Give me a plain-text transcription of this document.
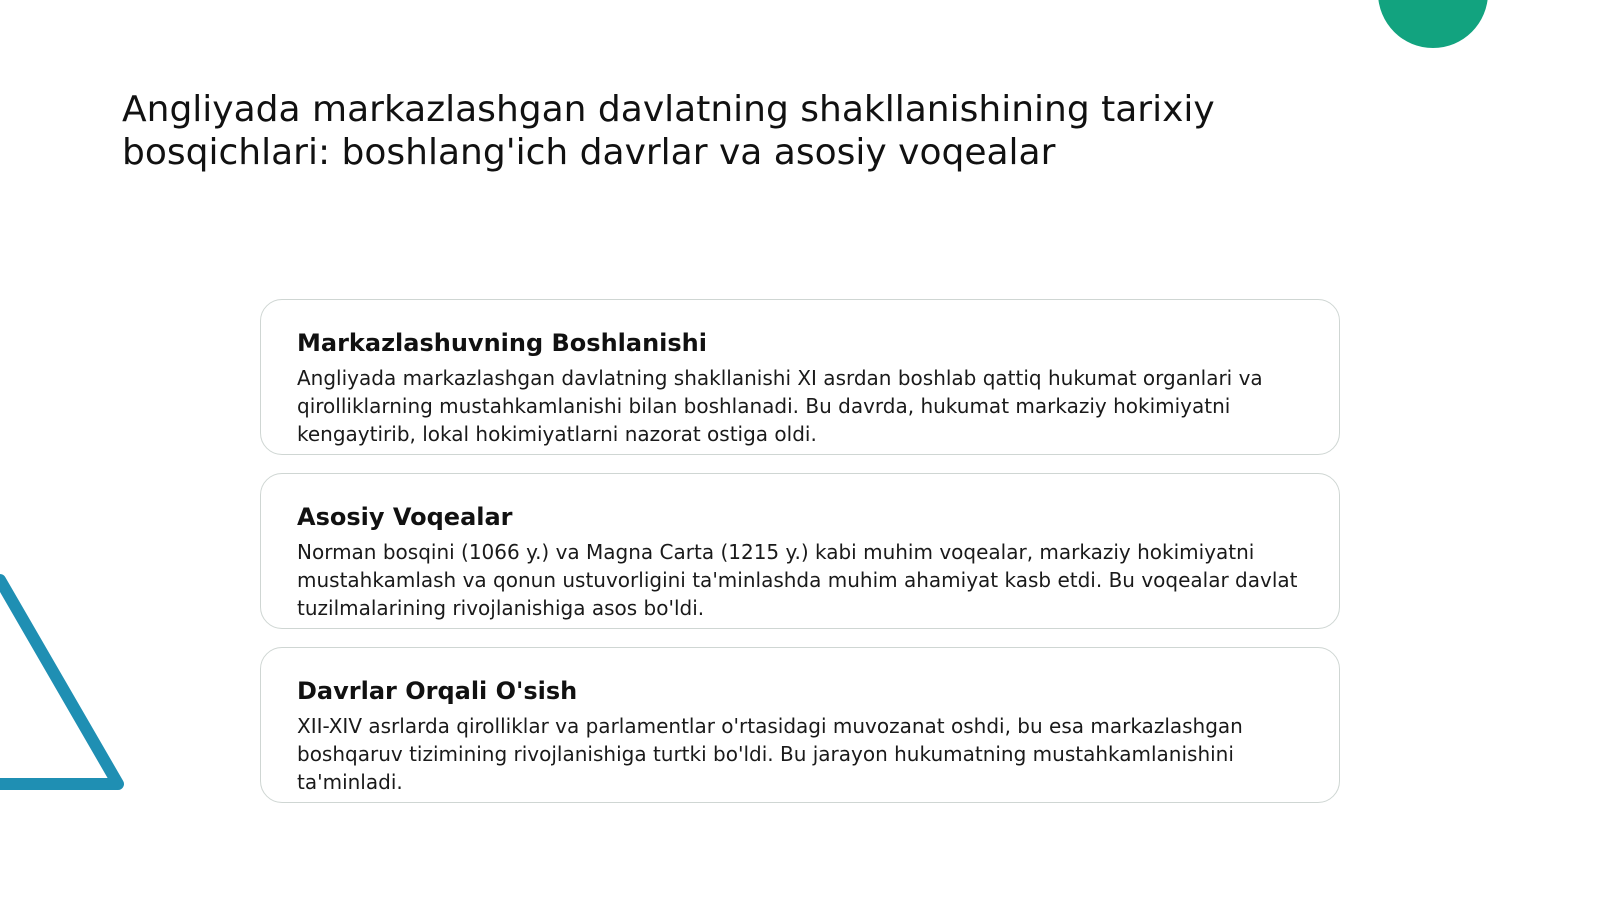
Angliyada markazlashgan davlatning shakllanishining tarixiy bosqichlari: boshlang'ich davrlar va asosiy voqealar
Markazlashuvning Boshlanishi

Angliyada markazlashgan davlatning shakllanishi XI asrdan boshlab qattiq hukumat organlari va qirolliklarning mustahkamlanishi bilan boshlanadi. Bu davrda, hukumat markaziy hokimiyatni kengaytirib, lokal hokimiyatlarni nazorat ostiga oldi.

Asosiy Voqealar

Norman bosqini (1066 y.) va Magna Carta (1215 y.) kabi muhim voqealar, markaziy hokimiyatni mustahkamlash va qonun ustuvorligini ta'minlashda muhim ahamiyat kasb etdi. Bu voqealar davlat tuzilmalarining rivojlanishiga asos bo'ldi.

Davrlar Orqali O'sish

XII-XIV asrlarda qirolliklar va parlamentlar o'rtasidagi muvozanat oshdi, bu esa markazlashgan boshqaruv tizimining rivojlanishiga turtki bo'ldi. Bu jarayon hukumatning mustahkamlanishini ta'minladi.
